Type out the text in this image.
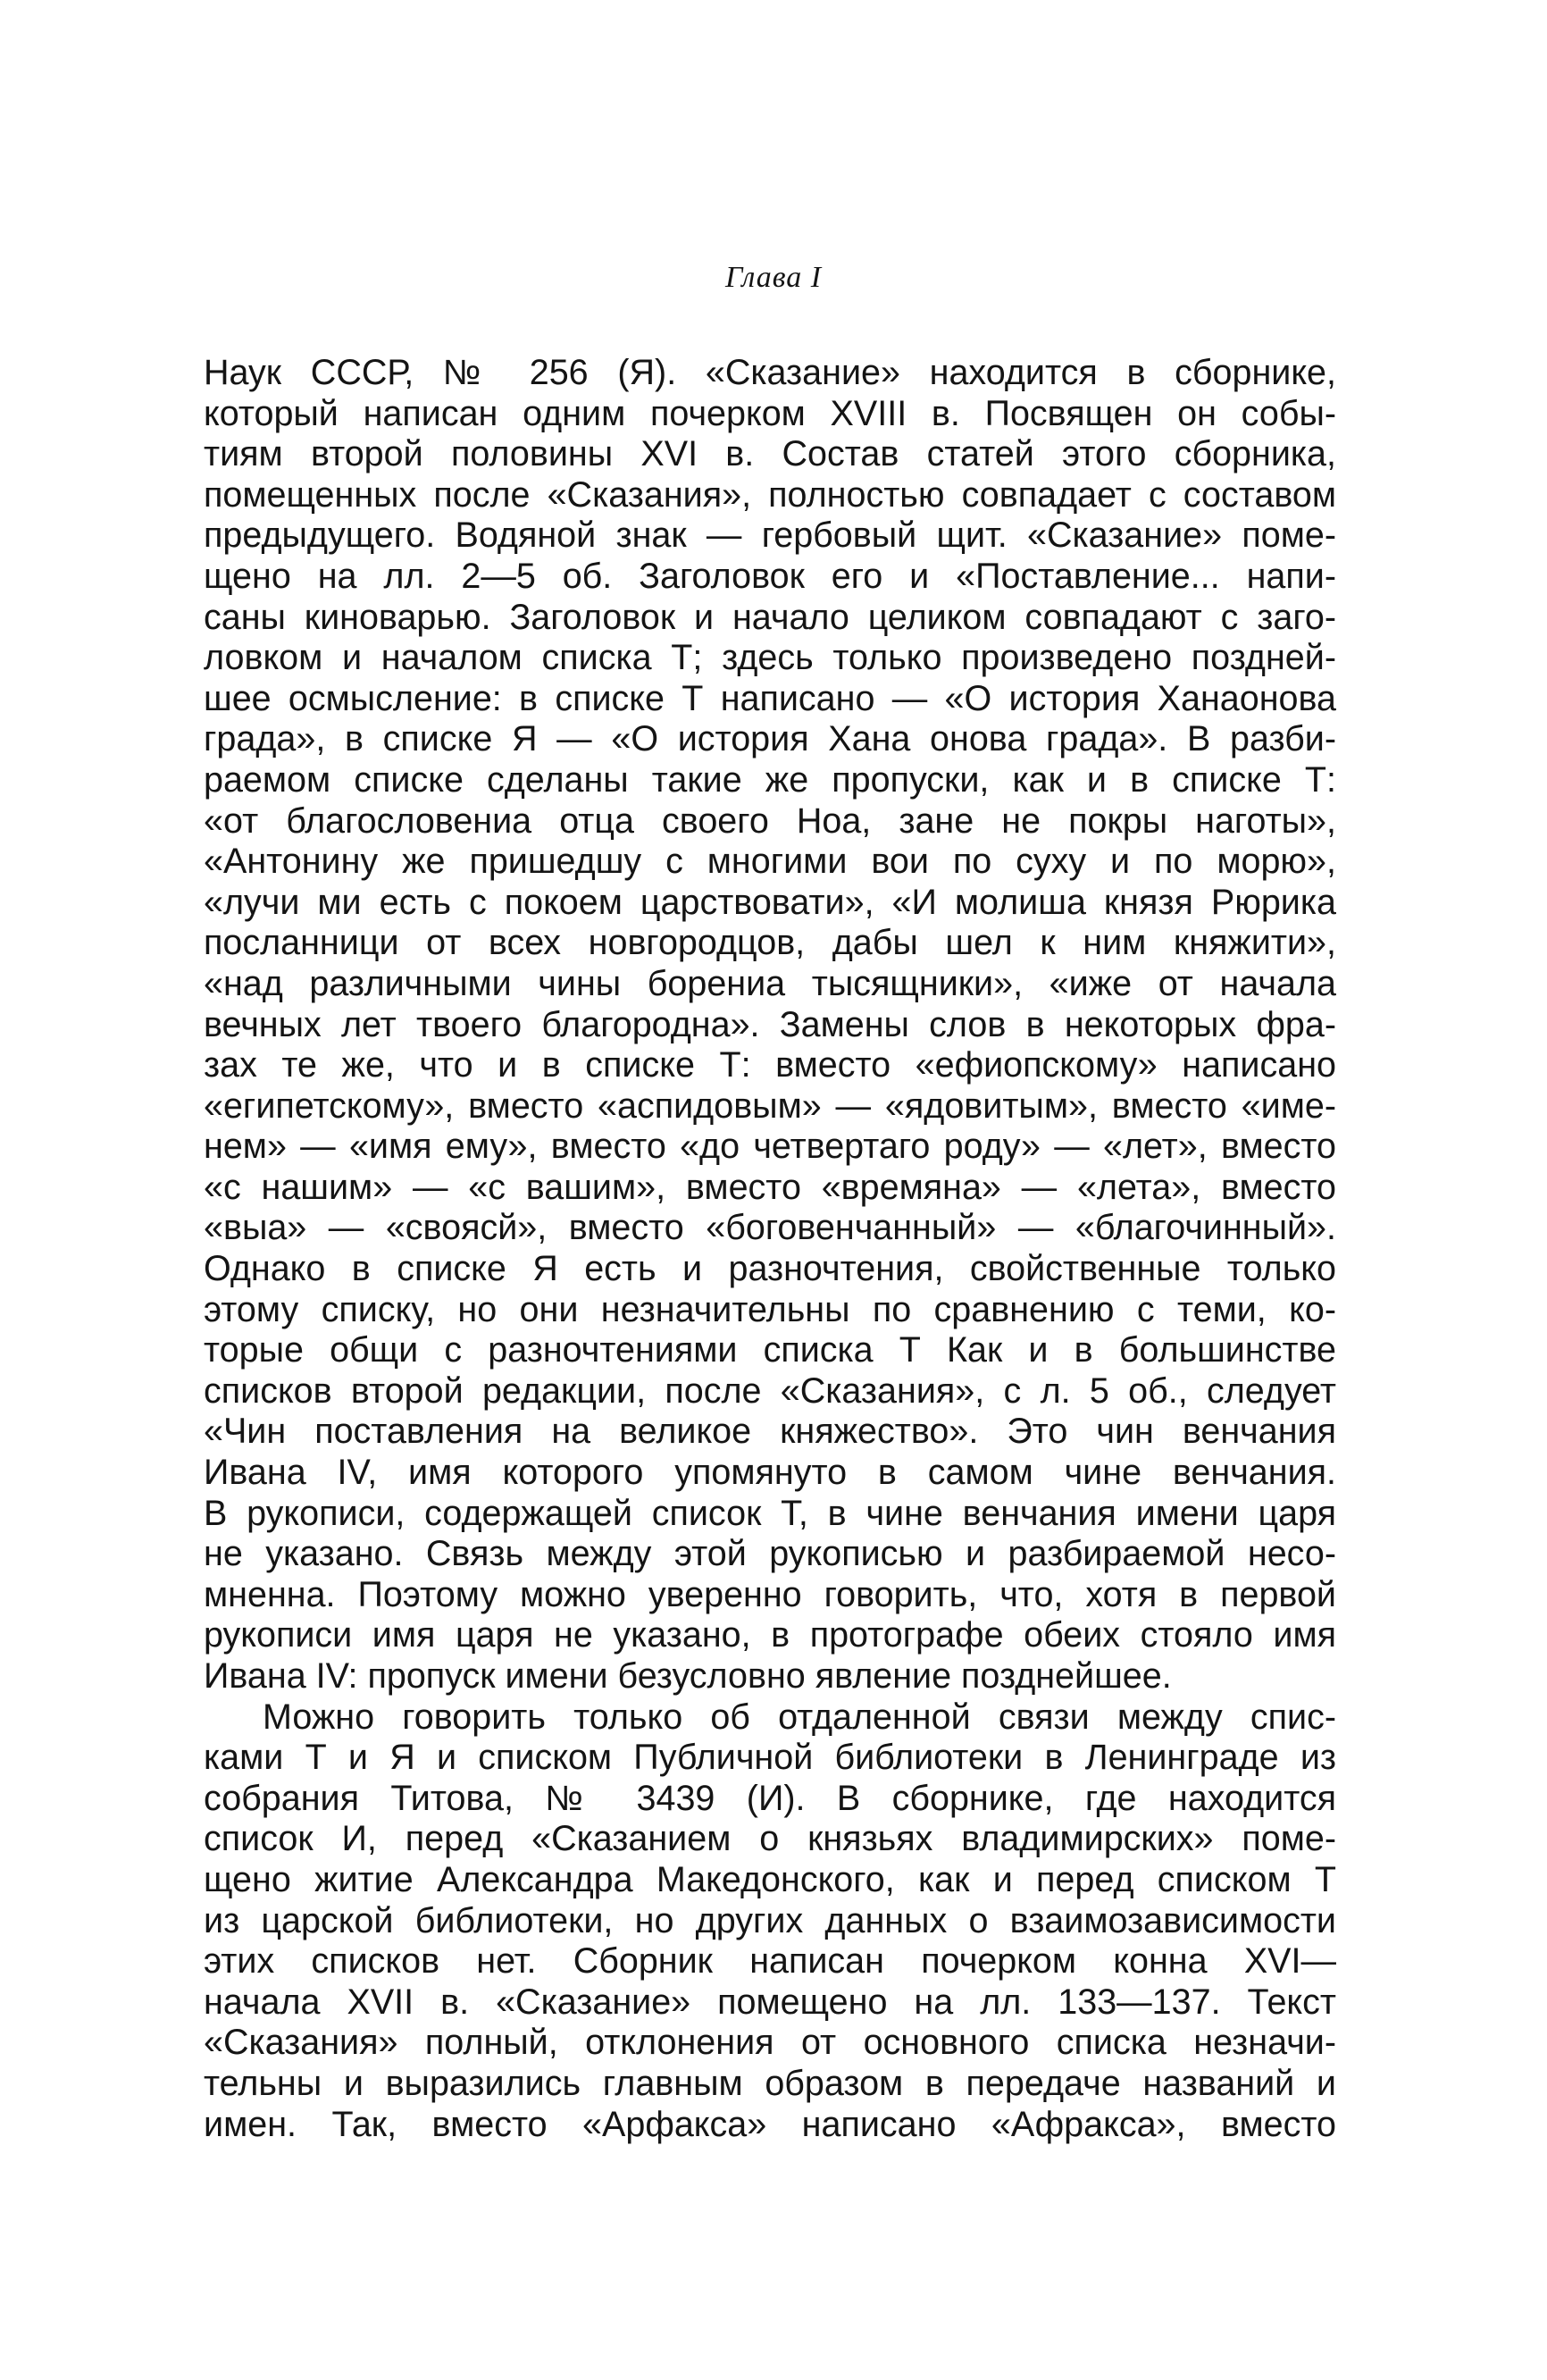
Глава I
Наук СССР, № 256 (Я). «Сказание» находится в сборнике,
который написан одним почерком XVIII в. Посвящен он собы-
тиям второй половины XVI в. Состав статей этого сборника,
помещенных после «Сказания», полностью совпадает с составом
предыдущего. Водяной знак — гербовый щит. «Сказание» поме-
щено на лл. 2—5 об. Заголовок его и «Поставление... напи-
саны киноварью. Заголовок и начало целиком совпадают с заго-
ловком и началом списка Т; здесь только произведено поздней-
шее осмысление: в списке Т написано — «О история Ханаонова
града», в списке Я — «О история Хана онова града». В разби-
раемом списке сделаны такие же пропуски, как и в списке Т:
«от благословениа отца своего Ноа, зане не покры наготы»,
«Антонину же пришедшу с многими вои по суху и по морю»,
«лучи ми есть с покоем царствовати», «И молиша князя Рюрика
посланници от всех новгородцов, дабы шел к ним княжити»,
«над различными чины борениа тысящники», «иже от начала
вечных лет твоего благородна». Замены слов в некоторых фра-
зах те же, что и в списке Т: вместо «ефиопскому» написано
«египетскому», вместо «аспидовым» — «ядовитым», вместо «име-
нем» — «имя ему», вместо «до четвертаго роду» — «лет», вместо
«с нашим» — «с вашим», вместо «времяна» — «лета», вместо
«выа» — «своясй», вместо «боговенчанный» — «благочинный».
Однако в списке Я есть и разночтения, свойственные только
этому списку, но они незначительны по сравнению с теми, ко-
торые общи с разночтениями списка Т Как и в большинстве
списков второй редакции, после «Сказания», с л. 5 об., следует
«Чин поставления на великое княжество». Это чин венчания
Ивана IV, имя которого упомянуто в самом чине венчания.
В рукописи, содержащей список Т, в чине венчания имени царя
не указано. Связь между этой рукописью и разбираемой несо-
мненна. Поэтому можно уверенно говорить, что, хотя в первой
рукописи имя царя не указано, в протографе обеих стояло имя
Ивана IV: пропуск имени безусловно явление позднейшее.
Можно говорить только об отдаленной связи между спис-
ками Т и Я и списком Публичной библиотеки в Ленинграде из
собрания Титова, № 3439 (И). В сборнике, где находится
список И, перед «Сказанием о князьях владимирских» поме-
щено житие Александра Македонского, как и перед списком Т
из царской библиотеки, но других данных о взаимозависимости
этих списков нет. Сборник написан почерком конна XVI—
начала XVII в. «Сказание» помещено на лл. 133—137. Текст
«Сказания» полный, отклонения от основного списка незначи-
тельны и выразились главным образом в передаче названий и
имен. Так, вместо «Арфакса» написано «Афракса», вместо
